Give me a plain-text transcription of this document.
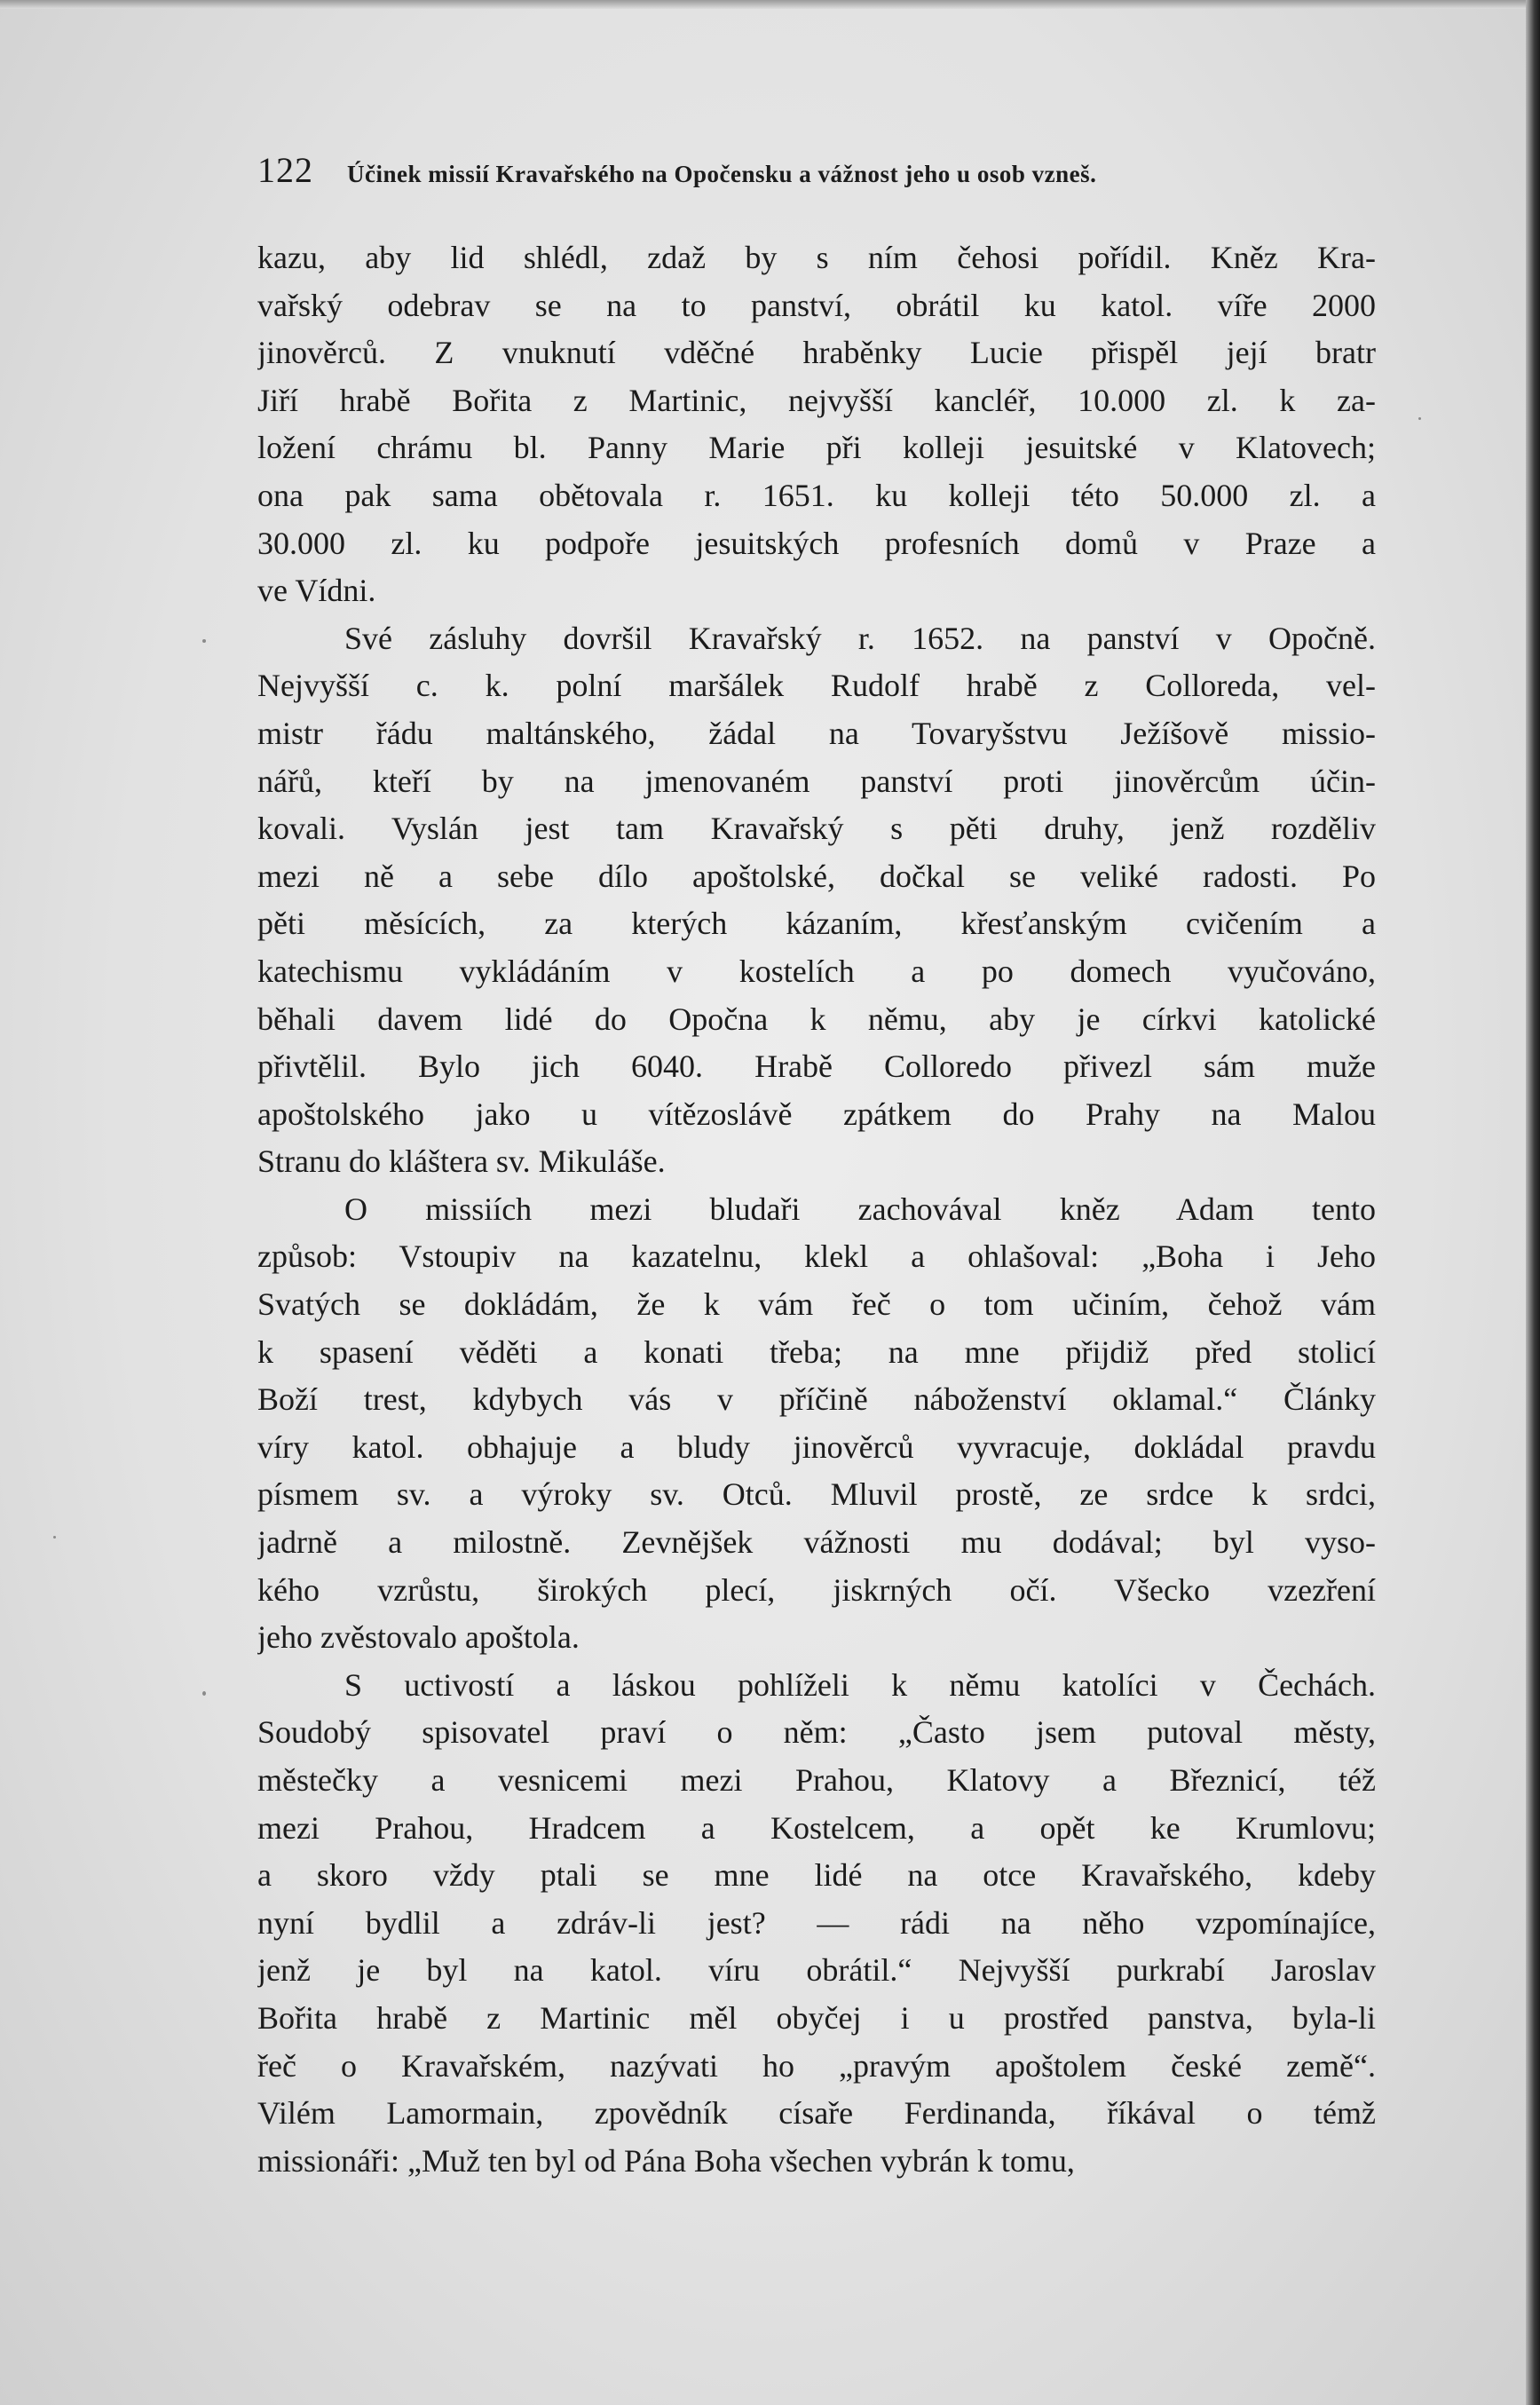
122 Účinek missií Kravařského na Opočensku a vážnost jeho u osob vzneš.

kazu, aby lid shlédl, zdaž by s ním čehosi pořídil. Kněz Kra-
vařský odebrav se na to panství, obrátil ku katol. víře 2000
jinověrců. Z vnuknutí vděčné hraběnky Lucie přispěl její bratr
Jiří hrabě Bořita z Martinic, nejvyšší kancléř, 10.000 zl. k za-
ložení chrámu bl. Panny Marie při kolleji jesuitské v Klatovech;
ona pak sama obětovala r. 1651. ku kolleji této 50.000 zl. a
30.000 zl. ku podpoře jesuitských profesních domů v Praze a
ve Vídni.

Své zásluhy dovršil Kravařský r. 1652. na panství v Opočně.
Nejvyšší c. k. polní maršálek Rudolf hrabě z Colloreda, vel-
mistr řádu maltánského, žádal na Tovaryšstvu Ježíšově missio-
nářů, kteří by na jmenovaném panství proti jinověrcům účin-
kovali. Vyslán jest tam Kravařský s pěti druhy, jenž rozděliv
mezi ně a sebe dílo apoštolské, dočkal se veliké radosti. Po
pěti měsících, za kterých kázaním, křesťanským cvičením a
katechismu vykládáním v kostelích a po domech vyučováno,
běhali davem lidé do Opočna k němu, aby je církvi katolické
přivtělil. Bylo jich 6040. Hrabě Colloredo přivezl sám muže
apoštolského jako u vítězoslávě zpátkem do Prahy na Malou
Stranu do kláštera sv. Mikuláše.

O missiích mezi bludaři zachovával kněz Adam tento
způsob: Vstoupiv na kazatelnu, klekl a ohlašoval: „Boha i Jeho
Svatých se dokládám, že k vám řeč o tom učiním, čehož vám
k spasení věděti a konati třeba; na mne přijdiž před stolicí
Boží trest, kdybych vás v příčině náboženství oklamal.“ Články
víry katol. obhajuje a bludy jinověrců vyvracuje, dokládal pravdu
písmem sv. a výroky sv. Otců. Mluvil prostě, ze srdce k srdci,
jadrně a milostně. Zevnějšek vážnosti mu dodával; byl vyso-
kého vzrůstu, širokých plecí, jiskrných očí. Všecko vzezření
jeho zvěstovalo apoštola.

S uctivostí a láskou pohlíželi k němu katolíci v Čechách.
Soudobý spisovatel praví o něm: „Často jsem putoval městy,
městečky a vesnicemi mezi Prahou, Klatovy a Březnicí, též
mezi Prahou, Hradcem a Kostelcem, a opět ke Krumlovu;
a skoro vždy ptali se mne lidé na otce Kravařského, kdeby
nyní bydlil a zdráv-li jest? — rádi na něho vzpomínajíce,
jenž je byl na katol. víru obrátil.“ Nejvyšší purkrabí Jaroslav
Bořita hrabě z Martinic měl obyčej i u prostřed panstva, byla-li
řeč o Kravařském, nazývati ho „pravým apoštolem české země“.
Vilém Lamormain, zpovědník císaře Ferdinanda, říkával o témž
missionáři: „Muž ten byl od Pána Boha všechen vybrán k tomu,
